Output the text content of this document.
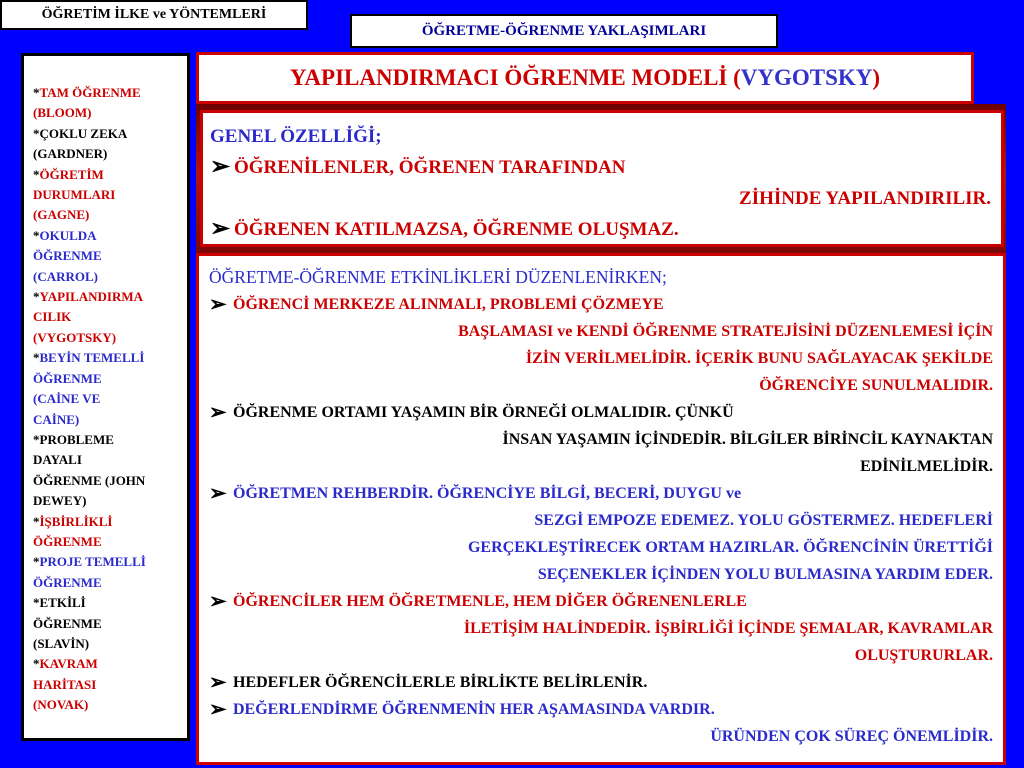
ÖĞRETİM İLKE ve YÖNTEMLERİ
ÖĞRETME-ÖĞRENME YAKLAŞIMLARI
*TAM ÖĞRENME
(BLOOM)
*ÇOKLU ZEKA
(GARDNER)
*ÖĞRETİM
DURUMLARI
(GAGNE)
*OKULDA
ÖĞRENME
(CARROL)
*YAPILANDIRMA
CILIK
(VYGOTSKY)
*BEYİN TEMELLİ
ÖĞRENME
(CAİNE VE
CAİNE)
*PROBLEME
DAYALI
ÖĞRENME (JOHN
DEWEY)
*İŞBİRLİKLİ
ÖĞRENME
*PROJE TEMELLİ
ÖĞRENME
*ETKİLİ
ÖĞRENME
(SLAVİN)
*KAVRAM
HARİTASI
(NOVAK)
YAPILANDIRMACI ÖĞRENME MODELİ ( VYGOTSKY )
GENEL ÖZELLİĞİ;
➢ ÖĞRENİLENLER, ÖĞRENEN TARAFINDAN
ZİHİNDE YAPILANDIRILIR.
➢ ÖĞRENEN KATILMAZSA, ÖĞRENME OLUŞMAZ.
ÖĞRETME-ÖĞRENME ETKİNLİKLERİ DÜZENLENİRKEN;
➢ ÖĞRENCİ MERKEZE ALINMALI, PROBLEMİ ÇÖZMEYE
BAŞLAMASI ve KENDİ ÖĞRENME STRATEJİSİNİ DÜZENLEMESİ İÇİN
İZİN VERİLMELİDİR. İÇERİK BUNU SAĞLAYACAK ŞEKİLDE
ÖĞRENCİYE SUNULMALIDIR.
➢ ÖĞRENME ORTAMI YAŞAMIN BİR ÖRNEĞİ OLMALIDIR. ÇÜNKÜ
İNSAN YAŞAMIN İÇİNDEDİR. BİLGİLER BİRİNCİL KAYNAKTAN
EDİNİLMELİDİR.
➢ ÖĞRETMEN REHBERDİR. ÖĞRENCİYE BİLGİ, BECERİ, DUYGU ve
SEZGİ EMPOZE EDEMEZ. YOLU GÖSTERMEZ. HEDEFLERİ
GERÇEKLEŞTİRECEK ORTAM HAZIRLAR. ÖĞRENCİNİN ÜRETTİĞİ
SEÇENEKLER İÇİNDEN YOLU BULMASINA YARDIM EDER.
➢ ÖĞRENCİLER HEM ÖĞRETMENLE, HEM DİĞER ÖĞRENENLERLE
İLETİŞİM HALİNDEDİR. İŞBİRLİĞİ İÇİNDE ŞEMALAR, KAVRAMLAR
OLUŞTURURLAR.
➢ HEDEFLER ÖĞRENCİLERLE BİRLİKTE BELİRLENİR.
➢ DEĞERLENDİRME ÖĞRENMENİN HER AŞAMASINDA VARDIR.
ÜRÜNDEN ÇOK SÜREÇ ÖNEMLİDİR.
